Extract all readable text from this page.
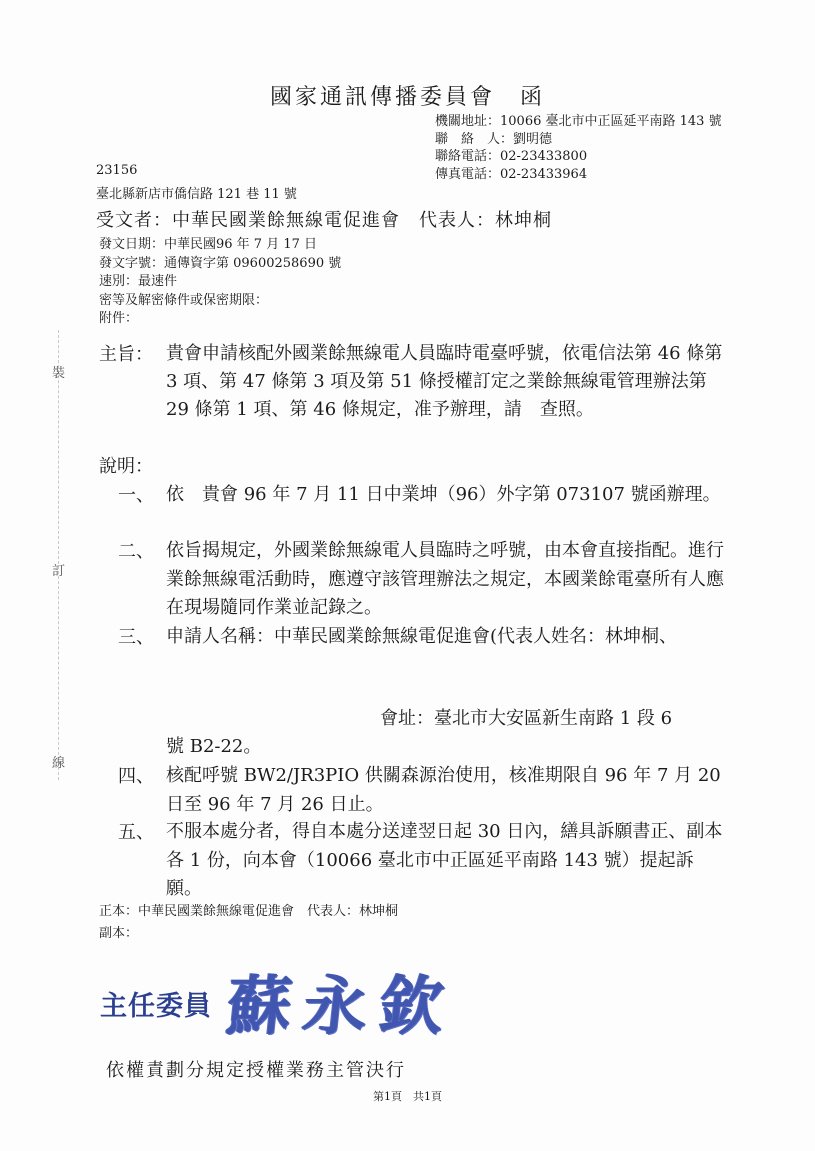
裝
訂
線
國家通訊傳播委員會　函
機關地址：10066 臺北市中正區延平南路 143 號
聯　絡　人：劉明德
聯絡電話：02-23433800
傳真電話：02-23433964
23156
臺北縣新店市僑信路 121 巷 11 號
受文者：中華民國業餘無線電促進會　代表人：林坤桐
發文日期：中華民國96 年 7 月 17 日
發文字號：通傳資字第 09600258690 號
速別：最速件
密等及解密條件或保密期限：
附件：
主旨： 貴會申請核配外國業餘無線電人員臨時電臺呼號，依電信法第 46 條第 3 項、第 47 條第 3 項及第 51 條授權訂定之業餘無線電管理辦法第 29 條第 1 項、第 46 條規定，准予辦理，請　查照。
說明：
一、 依　貴會 96 年 7 月 11 日中業坤（96）外字第 073107 號函辦理。
二、 依旨揭規定，外國業餘無線電人員臨時之呼號，由本會直接指配。進行業餘無線電活動時，應遵守該管理辦法之規定，本國業餘電臺所有人應在現場隨同作業並記錄之。
三、 申請人名稱：中華民國業餘無線電促進會(代表人姓名：林坤桐、
會址：臺北市大安區新生南路 1 段 6
號 B2-22。
四、 核配呼號 BW2/JR3PIO 供關森源治使用，核准期限自 96 年 7 月 20 日至 96 年 7 月 26 日止。
五、 不服本處分者，得自本處分送達翌日起 30 日內，繕具訴願書正、副本各 1 份，向本會（10066 臺北市中正區延平南路 143 號）提起訴願。
正本：中華民國業餘無線電促進會　代表人：林坤桐
副本：
主任委員 蘇永欽
依權責劃分規定授權業務主管決行
第1頁　共1頁
